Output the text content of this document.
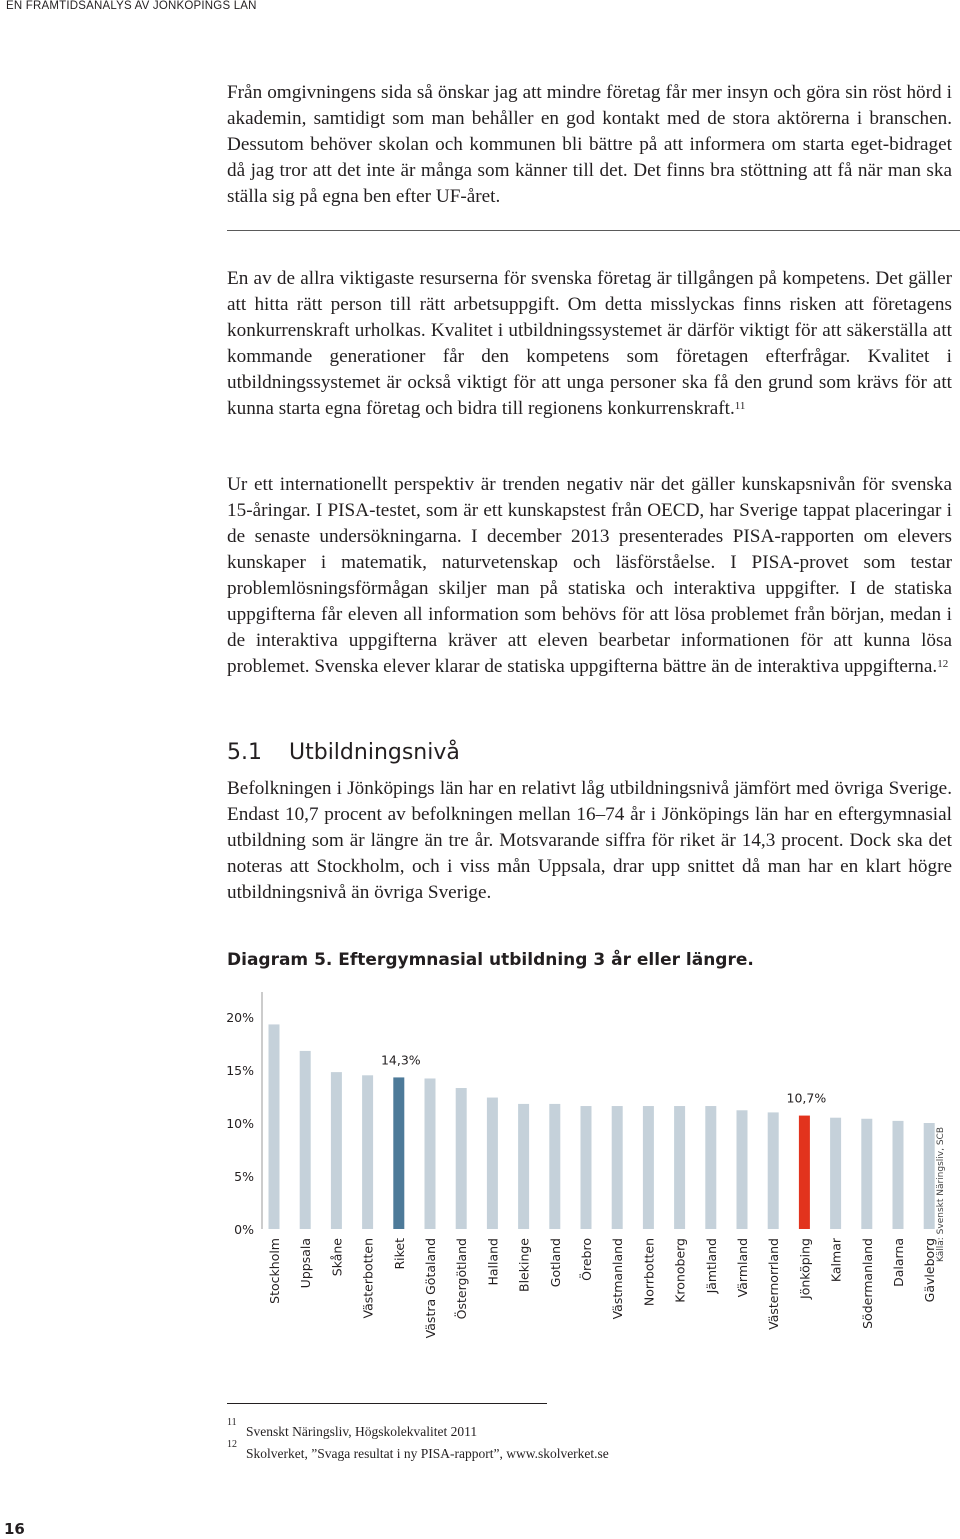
EN FRAMTIDSANALYS AV JÖNKÖPINGS LÄN

Från omgivningens sida så önskar jag att mindre företag får mer insyn och göra sin röst hörd i akademin, samtidigt som man behåller en god kontakt med de stora aktörerna i branschen. Dessutom behöver skolan och kommunen bli bättre på att informera om starta eget-bidraget då jag tror att det inte är många som känner till det. Det finns bra stöttning att få när man ska ställa sig på egna ben efter UF-året.

En av de allra viktigaste resurserna för svenska företag är tillgången på kompetens. Det gäller att hitta rätt person till rätt arbetsuppgift. Om detta misslyckas finns risken att företagens konkurrenskraft urholkas. Kvalitet i utbildningssystemet är därför viktigt för att säkerställa att kommande generationer får den kompetens som företagen efterfrågar. Kvalitet i utbildningssystemet är också viktigt för att unga personer ska få den grund som krävs för att kunna starta egna företag och bidra till regionens konkurrenskraft.$^{11}$

Ur ett internationellt perspektiv är trenden negativ när det gäller kunskapsnivån för svenska 15-åringar. I PISA-testet, som är ett kunskapstest från OECD, har Sverige tappat placeringar i de senaste undersökningarna. I december 2013 presenterades PISA-rapporten om elevers kunskaper i matematik, naturvetenskap och läsförståelse. I PISA-provet som testar problemlösningsförmågan skiljer man på statiska och interaktiva uppgifter. I de statiska uppgifterna får eleven all information som behövs för att lösa problemet från början, medan i de interaktiva uppgifterna kräver att eleven bearbetar informationen för att kunna lösa problemet. Svenska elever klarar de statiska uppgifterna bättre än de interaktiva uppgifterna.$^{12}$

5.1 Utbildningsnivå

Befolkningen i Jönköpings län har en relativt låg utbildningsnivå jämfört med övriga Sverige. Endast 10,7 procent av befolkningen mellan 16–74 år i Jönköpings län har en eftergymnasial utbildning som är längre än tre år. Motsvarande siffra för riket är 14,3 procent. Dock ska det noteras att Stockholm, och i viss mån Uppsala, drar upp snittet då man har en klart högre utbildningsnivå än övriga Sverige.

Diagram 5. Eftergymnasial utbildning 3 år eller längre.
0%
5%
10%
15%
20%
Stockholm Uppsala Skåne Västerbotten Riket
14,3%
Västra Götaland Östergötland Halland Blekinge Gotland Örebro Västmanland Norrbotten Kronoberg Jämtland Värmland Västernorrland Jönköping
10,7%
Kalmar Södermanland Dalarna Gävleborg
Källa: Svenskt Näringsliv, SCB
11
Svenskt Näringsliv, Högskolekvalitet 2011
12
Skolverket, ”Svaga resultat i ny PISA-rapport”, www.skolverket.se
16
